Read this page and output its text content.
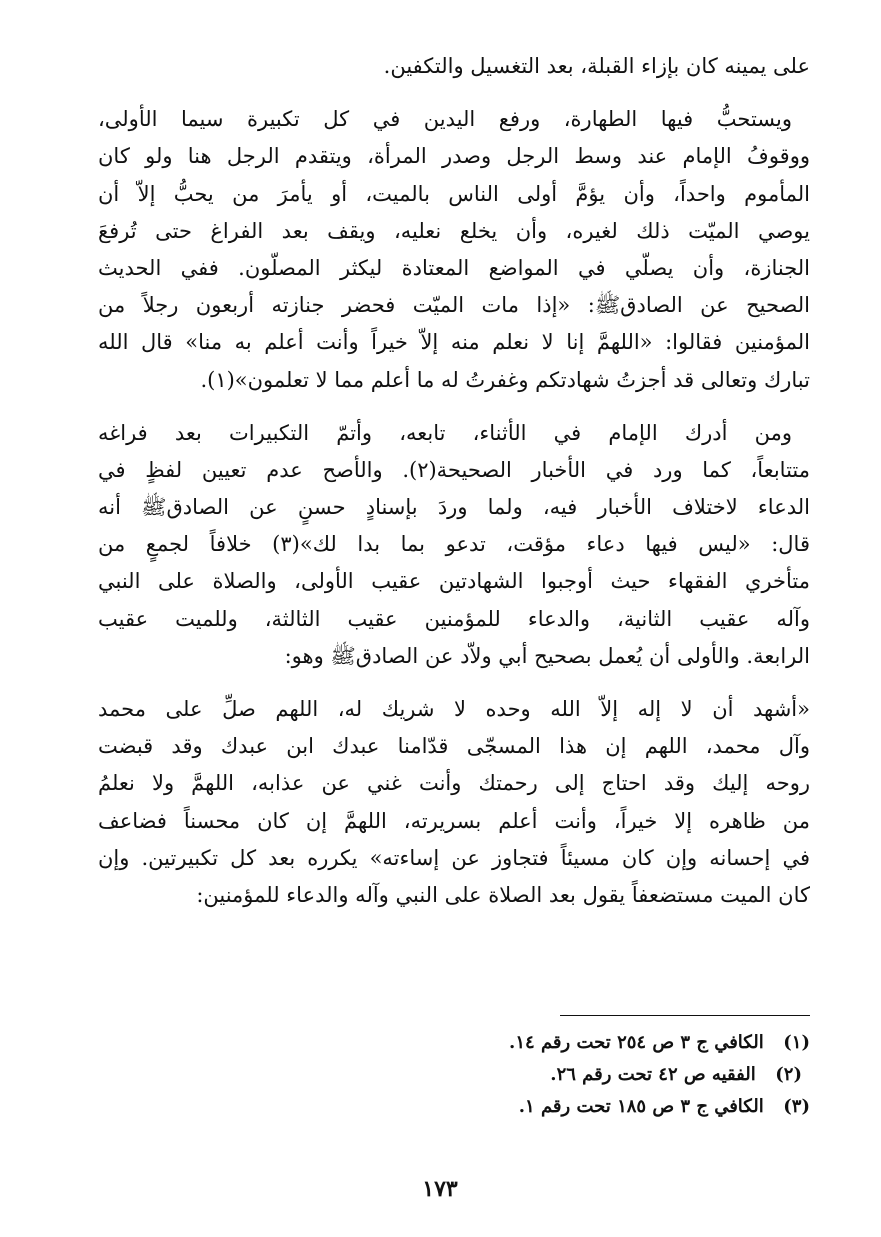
على يمينه كان بإزاء القبلة، بعد التغسيل والتكفين.
ويستحبُّ فيها الطهارة، ورفع اليدين في كل تكبيرة سيما الأولى،
ووقوفُ الإمام عند وسط الرجل وصدر المرأة، ويتقدم الرجل هنا ولو كان
المأموم واحداً، وأن يؤمَّ أولى الناس بالميت، أو يأمرَ من يحبُّ إلاّ أن
يوصي الميّت ذلك لغيره، وأن يخلع نعليه، ويقف بعد الفراغ حتى تُرفعَ
الجنازة، وأن يصلّي في المواضع المعتادة ليكثر المصلّون. ففي الحديث
الصحيح عن الصادقﷺ: «إذا مات الميّت فحضر جنازته أربعون رجلاً من
المؤمنين فقالوا: «اللهمَّ إنا لا نعلم منه إلاّ خيراً وأنت أعلم به منا» قال الله
تبارك وتعالى قد أجزتُ شهادتكم وغفرتُ له ما أعلم مما لا تعلمون»(١).
ومن أدرك الإمام في الأثناء، تابعه، وأتمّ التكبيرات بعد فراغه
متتابعاً، كما ورد في الأخبار الصحيحة(٢). والأصح عدم تعيين لفظٍ في
الدعاء لاختلاف الأخبار فيه، ولما وردَ بإسنادٍ حسنٍ عن الصادقﷺ أنه
قال: «ليس فيها دعاء مؤقت، تدعو بما بدا لك»(٣) خلافاً لجمعٍ من
متأخري الفقهاء حيث أوجبوا الشهادتين عقيب الأولى، والصلاة على النبي
وآله عقيب الثانية، والدعاء للمؤمنين عقيب الثالثة، وللميت عقيب
الرابعة. والأولى أن يُعمل بصحيح أبي ولاّد عن الصادقﷺ وهو:
«أشهد أن لا إله إلاّ الله وحده لا شريك له، اللهم صلِّ على محمد
وآل محمد، اللهم إن هذا المسجّى قدّامنا عبدك ابن عبدك وقد قبضت
روحه إليك وقد احتاج إلى رحمتك وأنت غني عن عذابه، اللهمَّ ولا نعلمُ
من ظاهره إلا خيراً، وأنت أعلم بسريرته، اللهمَّ إن كان محسناً فضاعف
في إحسانه وإن كان مسيئاً فتجاوز عن إساءته» يكرره بعد كل تكبيرتين. وإن
كان الميت مستضعفاً يقول بعد الصلاة على النبي وآله والدعاء للمؤمنين:
(١) الكافي ج ٣ ص ٢٥٤ تحت رقم ١٤.
(٢) الفقيه ص ٤٢ تحت رقم ٢٦.
(٣) الكافي ج ٣ ص ١٨٥ تحت رقم ١.
١٧٣
